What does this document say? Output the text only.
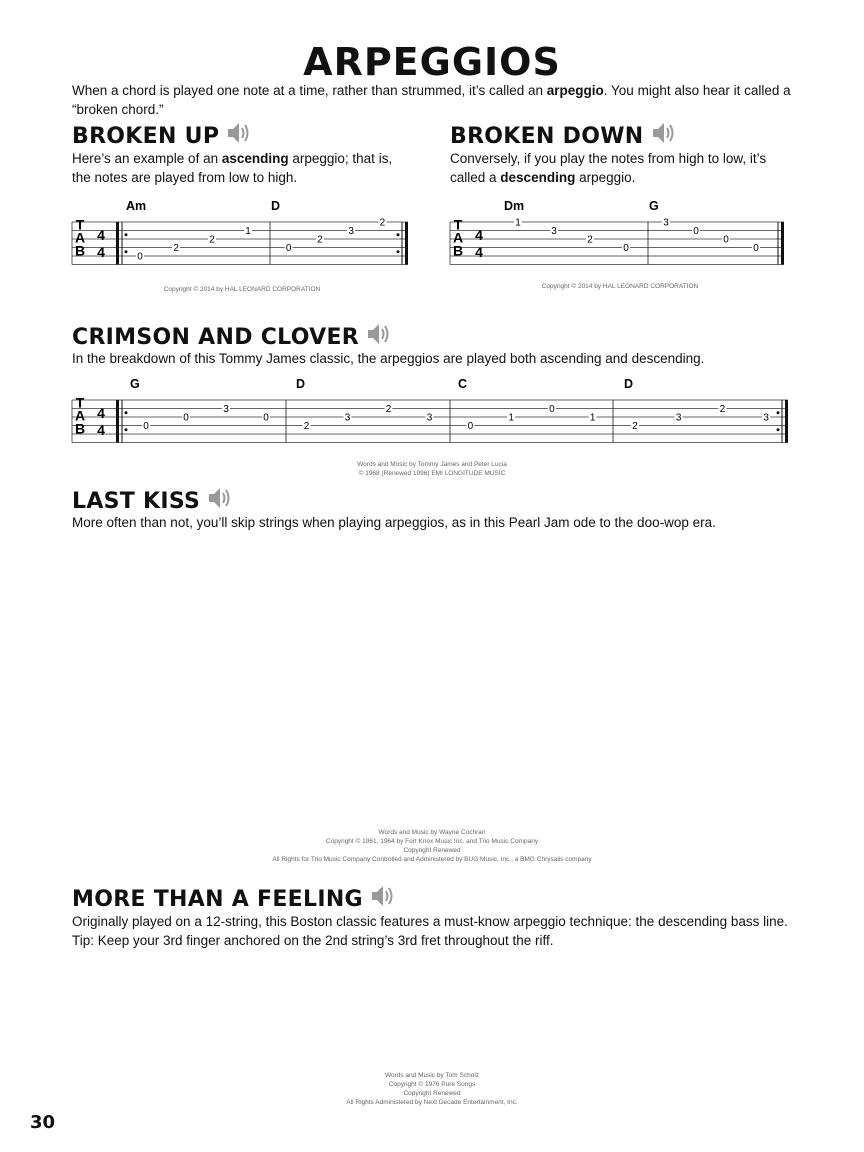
ARPEGGIOS
When a chord is played one note at a time, rather than strummed, it’s called an arpeggio. You might also hear it called a “broken chord.”
BROKEN UP
Here’s an example of an ascending arpeggio; that is, the notes are played from low to high.
T
A
B
4
4
Am	D
0
2
2
1
0
2
3
2
Copyright © 2014 by HAL LEONARD CORPORATION
BROKEN DOWN
Conversely, if you play the notes from high to low, it’s called a descending arpeggio.
T
A
B
4
4
Dm	G
1
3
2
0
3
0
0
0
Copyright © 2014 by HAL LEONARD CORPORATION
CRIMSON AND CLOVER
In the breakdown of this Tommy James classic, the arpeggios are played both ascending and descending.
T
A
B
4
4
G	D	C	D
0
0
3
0
2
3
2
3
0
1
0
1
2
3
2
3
Words and Music by Tommy James and Peter Lucia
© 1968 (Renewed 1996) EMI LONGITUDE MUSIC
LAST KISS
More often than not, you’ll skip strings when playing arpeggios, as in this Pearl Jam ode to the doo-wop era.
Words and Music by Wayne Cochran
Copyright © 1961, 1964 by Fort Knox Music Inc. and Trio Music Company
Copyright Renewed
All Rights for Trio Music Company Controlled and Administered by BUG Music, Inc., a BMG Chrysalis company
MORE THAN A FEELING
Originally played on a 12-string, this Boston classic features a must-know arpeggio technique: the descending bass line. Tip: Keep your 3rd finger anchored on the 2nd string’s 3rd fret throughout the riff.
Words and Music by Tom Scholz
Copyright © 1976 Pure Songs
Copyright Renewed
All Rights Administered by Next Decade Entertainment, Inc.
30
